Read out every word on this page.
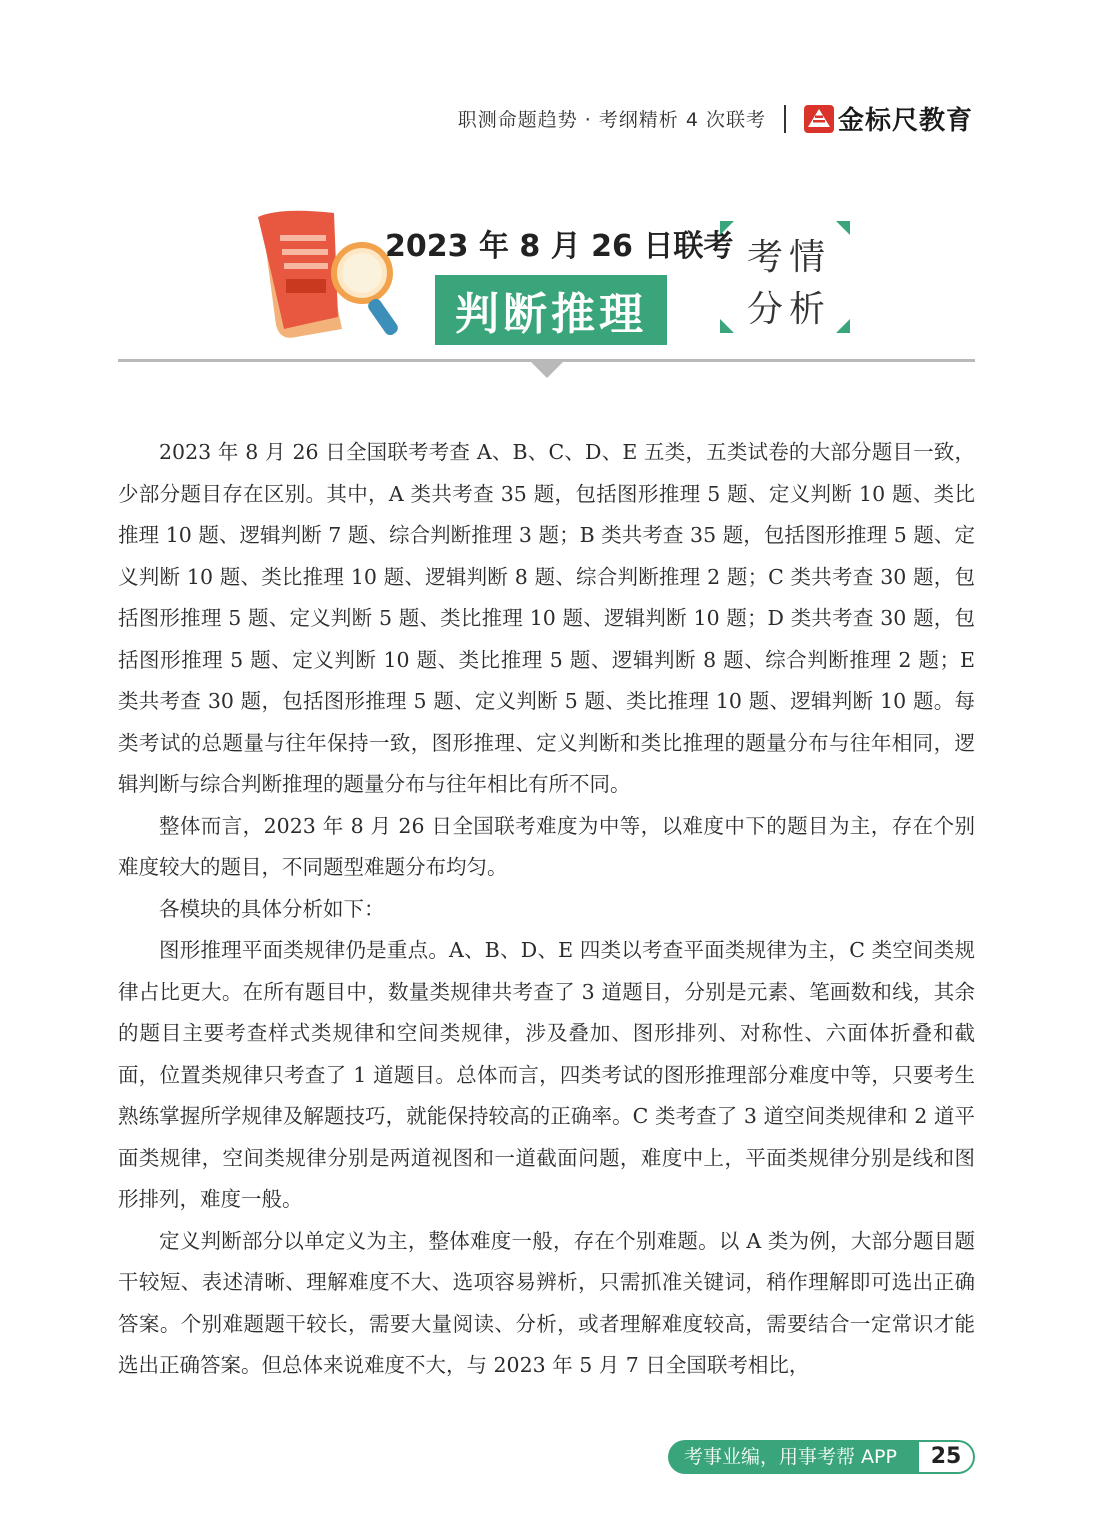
职测命题趋势 · 考纲精析 4 次联考	金标尺教育
2023 年 8 月 26 日联考
判断推理
考情
分析

2023 年 8 月 26 日全国联考考查 A、B、C、D、E 五类，五类试卷的大部分题目一致，少部分题目存在区别。其中，A 类共考查 35 题，包括图形推理 5 题、定义判断 10 题、类比推理 10 题、逻辑判断 7 题、综合判断推理 3 题；B 类共考查 35 题，包括图形推理 5 题、定义判断 10 题、类比推理 10 题、逻辑判断 8 题、综合判断推理 2 题；C 类共考查 30 题，包括图形推理 5 题、定义判断 5 题、类比推理 10 题、逻辑判断 10 题；D 类共考查 30 题，包括图形推理 5 题、定义判断 10 题、类比推理 5 题、逻辑判断 8 题、综合判断推理 2 题；E 类共考查 30 题，包括图形推理 5 题、定义判断 5 题、类比推理 10 题、逻辑判断 10 题。每类考试的总题量与往年保持一致，图形推理、定义判断和类比推理的题量分布与往年相同，逻辑判断与综合判断推理的题量分布与往年相比有所不同。

整体而言，2023 年 8 月 26 日全国联考难度为中等，以难度中下的题目为主，存在个别难度较大的题目，不同题型难题分布均匀。

各模块的具体分析如下：

图形推理平面类规律仍是重点。A、B、D、E 四类以考查平面类规律为主，C 类空间类规律占比更大。在所有题目中，数量类规律共考查了 3 道题目，分别是元素、笔画数和线，其余的题目主要考查样式类规律和空间类规律，涉及叠加、图形排列、对称性、六面体折叠和截面，位置类规律只考查了 1 道题目。总体而言，四类考试的图形推理部分难度中等，只要考生熟练掌握所学规律及解题技巧，就能保持较高的正确率。C 类考查了 3 道空间类规律和 2 道平面类规律，空间类规律分别是两道视图和一道截面问题，难度中上，平面类规律分别是线和图形排列，难度一般。

定义判断部分以单定义为主，整体难度一般，存在个别难题。以 A 类为例，大部分题目题干较短、表述清晰、理解难度不大、选项容易辨析，只需抓准关键词，稍作理解即可选出正确答案。个别难题题干较长，需要大量阅读、分析，或者理解难度较高，需要结合一定常识才能选出正确答案。但总体来说难度不大，与 2023 年 5 月 7 日全国联考相比，

考事业编，用事考帮 APP	25
